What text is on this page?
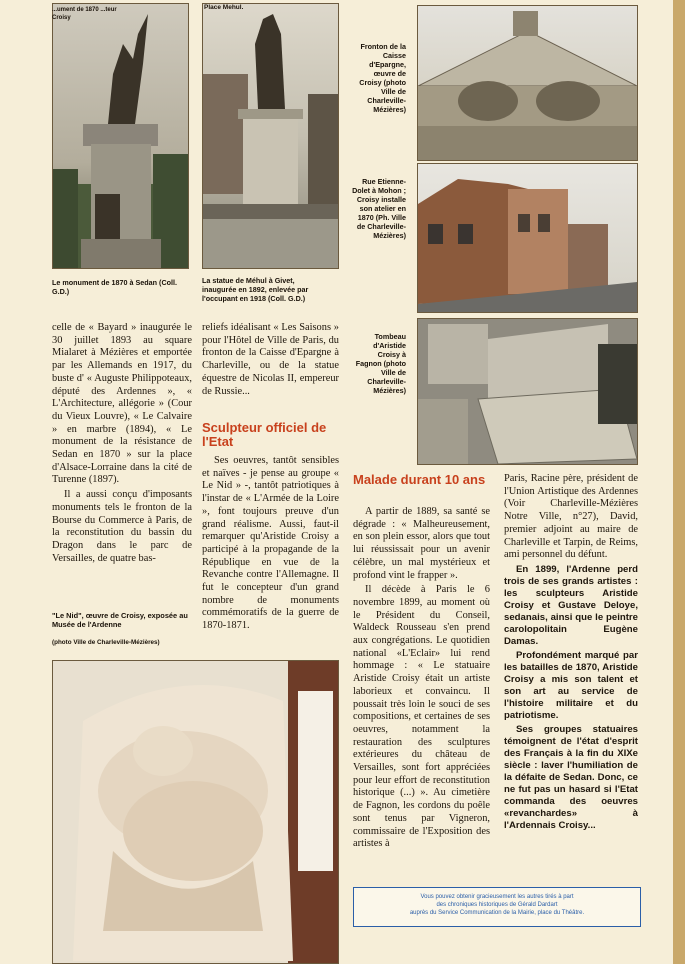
...ument de 1870 ...teur Croisy
Le monument de 1870 à Sedan (Coll. G.D.)
Place Mehul.
La statue de Méhul à Givet, inaugurée en 1892, enlevée par l'occupant en 1918 (Coll. G.D.)
Fronton de la Caisse d'Epargne, œuvre de Croisy (photo Ville de Charleville-Mézières)
Rue Etienne-Dolet à Mohon ; Croisy installe son atelier en 1870 (Ph. Ville de Charleville-Mézières)
Tombeau d'Aristide Croisy à Fagnon (photo Ville de Charleville-Mézières)

celle de « Bayard » inaugurée le 30 juillet 1893 au square Mialaret à Mézières et emportée par les Allemands en 1917, du buste d' « Auguste Philippoteaux, député des Ardennes », « L'Architecture, allégorie » (Cour du Vieux Louvre), « Le Calvaire » en marbre (1894), « Le monument de la résistance de Sedan en 1870 » sur la place d'Alsace-Lorraine dans la cité de Turenne (1897).

Il a aussi conçu d'imposants monuments tels le fronton de la Bourse du Commerce à Paris, de la reconstitution du bassin du Dragon dans le parc de Versailles, de quatre bas-

reliefs idéalisant « Les Saisons » pour l'Hôtel de Ville de Paris, du fronton de la Caisse d'Epargne à Charleville, ou de la statue équestre de Nicolas II, empereur de Russie...

Sculpteur officiel de l'Etat

Ses oeuvres, tantôt sensibles et naïves - je pense au groupe « Le Nid » -, tantôt patriotiques à l'instar de « L'Armée de la Loire », font toujours preuve d'un grand réalisme. Aussi, faut-il remarquer qu'Aristide Croisy a participé à la propagande de la République en vue de la Revanche contre l'Allemagne. Il fut le concepteur d'un grand nombre de monuments commémoratifs de la guerre de 1870-1871.

"Le Nid", œuvre de Croisy, exposée au Musée de l'Ardenne
(photo Ville de Charleville-Mézières)
Malade durant 10 ans

A partir de 1889, sa santé se dégrade : « Malheureusement, en son plein essor, alors que tout lui réussissait pour un avenir célèbre, un mal mystérieux et profond vint le frapper ».

Il décède à Paris le 6 novembre 1899, au moment où le Président du Conseil, Waldeck Rousseau s'en prend aux congrégations. Le quotidien national «L'Eclair» lui rend hommage : « Le statuaire Aristide Croisy était un artiste laborieux et convaincu. Il poussait très loin le souci de ses compositions, et certaines de ses oeuvres, notamment la restauration des sculptures extérieures du château de Versailles, sont fort appréciées pour leur effort de reconstitution historique (...) ». Au cimetière de Fagnon, les cordons du poêle sont tenus par Vigneron, commissaire de l'Exposition des artistes à

Paris, Racine père, président de l'Union Artistique des Ardennes (Voir Charleville-Mézières Notre Ville, n°27), David, premier adjoint au maire de Charleville et Tarpin, de Reims, ami personnel du défunt.

En 1899, l'Ardenne perd trois de ses grands artistes : les sculpteurs Aristide Croisy et Gustave Deloye, sedanais, ainsi que le peintre carolopolitain Eugène Damas.

Profondément marqué par les batailles de 1870, Aristide Croisy a mis son talent et son art au service de l'histoire militaire et du patriotisme.

Ses groupes statuaires témoignent de l'état d'esprit des Français à la fin du XIXe siècle : laver l'humiliation de la défaite de Sedan. Donc, ce ne fut pas un hasard si l'Etat commanda des oeuvres «revanchardes» à l'Ardennais Croisy...

Vous pouvez obtenir gracieusement les autres tirés à part
des chroniques historiques de Gérald Dardart
auprès du Service Communication de la Mairie, place du Théâtre.
